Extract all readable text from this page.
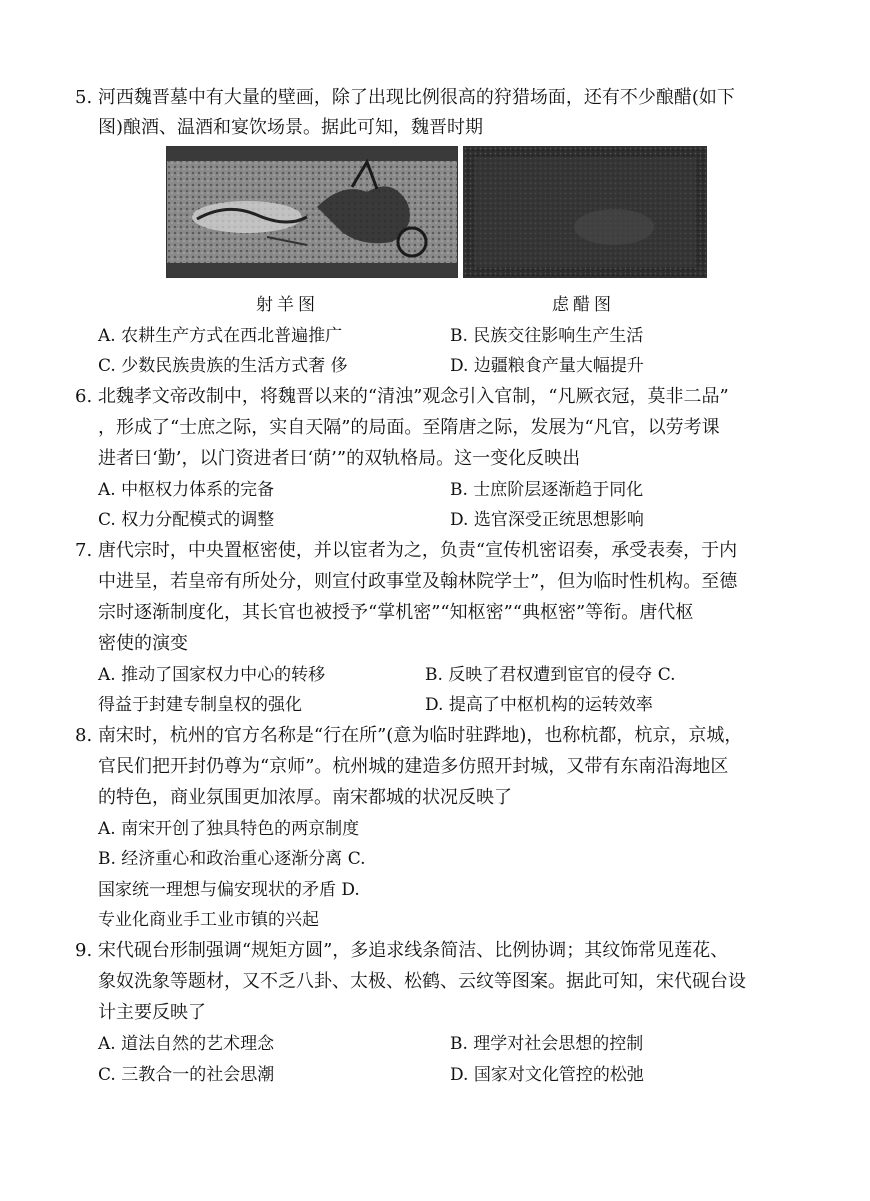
5. 河西魏晋墓中有大量的壁画，除了出现比例很高的狩猎场面，还有不少酿醋(如下
图)酿酒、温酒和宴饮场景。据此可知，魏晋时期
射羊图	虑醋图
A. 农耕生产方式在西北普遍推广	B. 民族交往影响生产生活
C. 少数民族贵族的生活方式奢 侈	D. 边疆粮食产量大幅提升
6. 北魏孝文帝改制中，将魏晋以来的“清浊”观念引入官制，“凡厥衣冠，莫非二品”
，形成了“士庶之际，实自天隔”的局面。至隋唐之际，发展为“凡官，以劳考课
进者曰‘勤’，以门资进者曰‘荫’”的双轨格局。这一变化反映出
A. 中枢权力体系的完备	B. 士庶阶层逐渐趋于同化
C. 权力分配模式的调整	D. 选官深受正统思想影响
7. 唐代宗时，中央置枢密使，并以宦者为之，负责“宣传机密诏奏，承受表奏，于内
中进呈，若皇帝有所处分，则宣付政事堂及翰林院学士”，但为临时性机构。至德
宗时逐渐制度化，其长官也被授予“掌机密”“知枢密”“典枢密”等衔。唐代枢
密使的演变
A. 推动了国家权力中心的转移	B. 反映了君权遭到宦官的侵夺 C.
得益于封建专制皇权的强化	D. 提高了中枢机构的运转效率
8. 南宋时，杭州的官方名称是“行在所”(意为临时驻跸地)，也称杭都，杭京，京城，
官民们把开封仍尊为“京师”。杭州城的建造多仿照开封城，又带有东南沿海地区
的特色，商业氛围更加浓厚。南宋都城的状况反映了
A. 南宋开创了独具特色的两京制度
B. 经济重心和政治重心逐渐分离 C.
国家统一理想与偏安现状的矛盾 D.
专业化商业手工业市镇的兴起
9. 宋代砚台形制强调“规矩方圆”，多追求线条简洁、比例协调；其纹饰常见莲花、
象奴洗象等题材，又不乏八卦、太极、松鹤、云纹等图案。据此可知，宋代砚台设
计主要反映了
A. 道法自然的艺术理念	B. 理学对社会思想的控制
C. 三教合一的社会思潮	D. 国家对文化管控的松弛
